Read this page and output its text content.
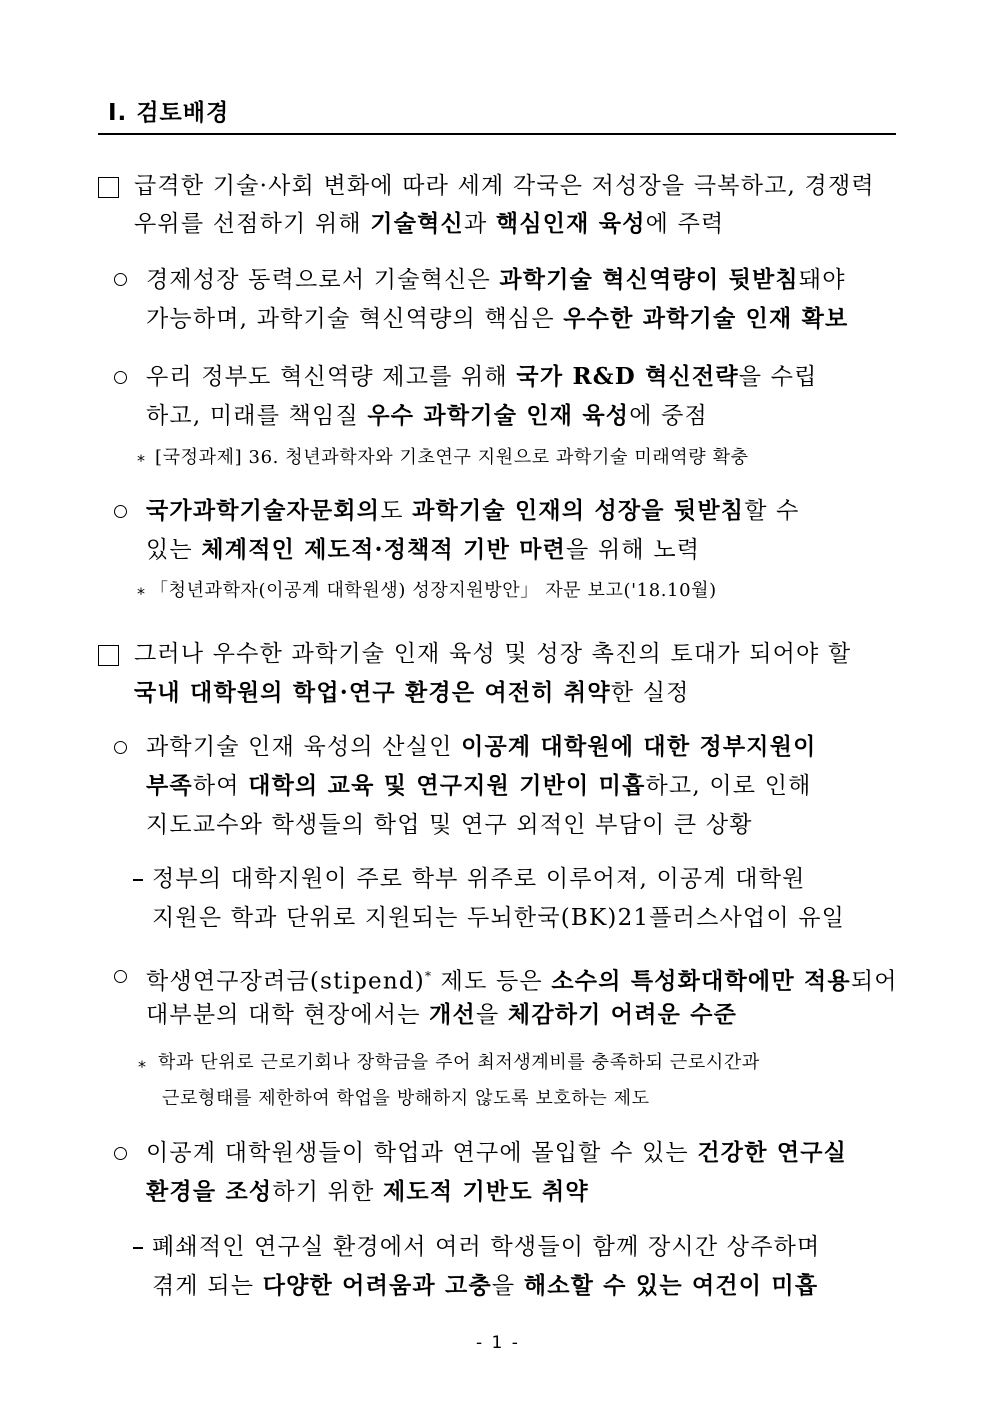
Ⅰ. 검토배경
급격한 기술·사회 변화에 따라 세계 각국은 저성장을 극복하고, 경쟁력
우위를 선점하기 위해 기술혁신과 핵심인재 육성에 주력
경제성장 동력으로서 기술혁신은 과학기술 혁신역량이 뒷받침돼야
가능하며, 과학기술 혁신역량의 핵심은 우수한 과학기술 인재 확보
우리 정부도 혁신역량 제고를 위해 국가 R&D 혁신전략을 수립
하고, 미래를 책임질 우수 과학기술 인재 육성에 중점
* [국정과제] 36. 청년과학자와 기초연구 지원으로 과학기술 미래역량 확충
국가과학기술자문회의도 과학기술 인재의 성장을 뒷받침할 수
있는 체계적인 제도적·정책적 기반 마련을 위해 노력
* 「청년과학자(이공계 대학원생) 성장지원방안」 자문 보고('18.10월)
그러나 우수한 과학기술 인재 육성 및 성장 촉진의 토대가 되어야 할
국내 대학원의 학업·연구 환경은 여전히 취약한 실정
과학기술 인재 육성의 산실인 이공계 대학원에 대한 정부지원이
부족하여 대학의 교육 및 연구지원 기반이 미흡하고, 이로 인해
지도교수와 학생들의 학업 및 연구 외적인 부담이 큰 상황
정부의 대학지원이 주로 학부 위주로 이루어져, 이공계 대학원
지원은 학과 단위로 지원되는 두뇌한국(BK)21플러스사업이 유일
학생연구장려금(stipend)* 제도 등은 소수의 특성화대학에만 적용되어
대부분의 대학 현장에서는 개선을 체감하기 어려운 수준
* 학과 단위로 근로기회나 장학금을 주어 최저생계비를 충족하되 근로시간과
근로형태를 제한하여 학업을 방해하지 않도록 보호하는 제도
이공계 대학원생들이 학업과 연구에 몰입할 수 있는 건강한 연구실
환경을 조성하기 위한 제도적 기반도 취약
폐쇄적인 연구실 환경에서 여러 학생들이 함께 장시간 상주하며
겪게 되는 다양한 어려움과 고충을 해소할 수 있는 여건이 미흡
- 1 -
